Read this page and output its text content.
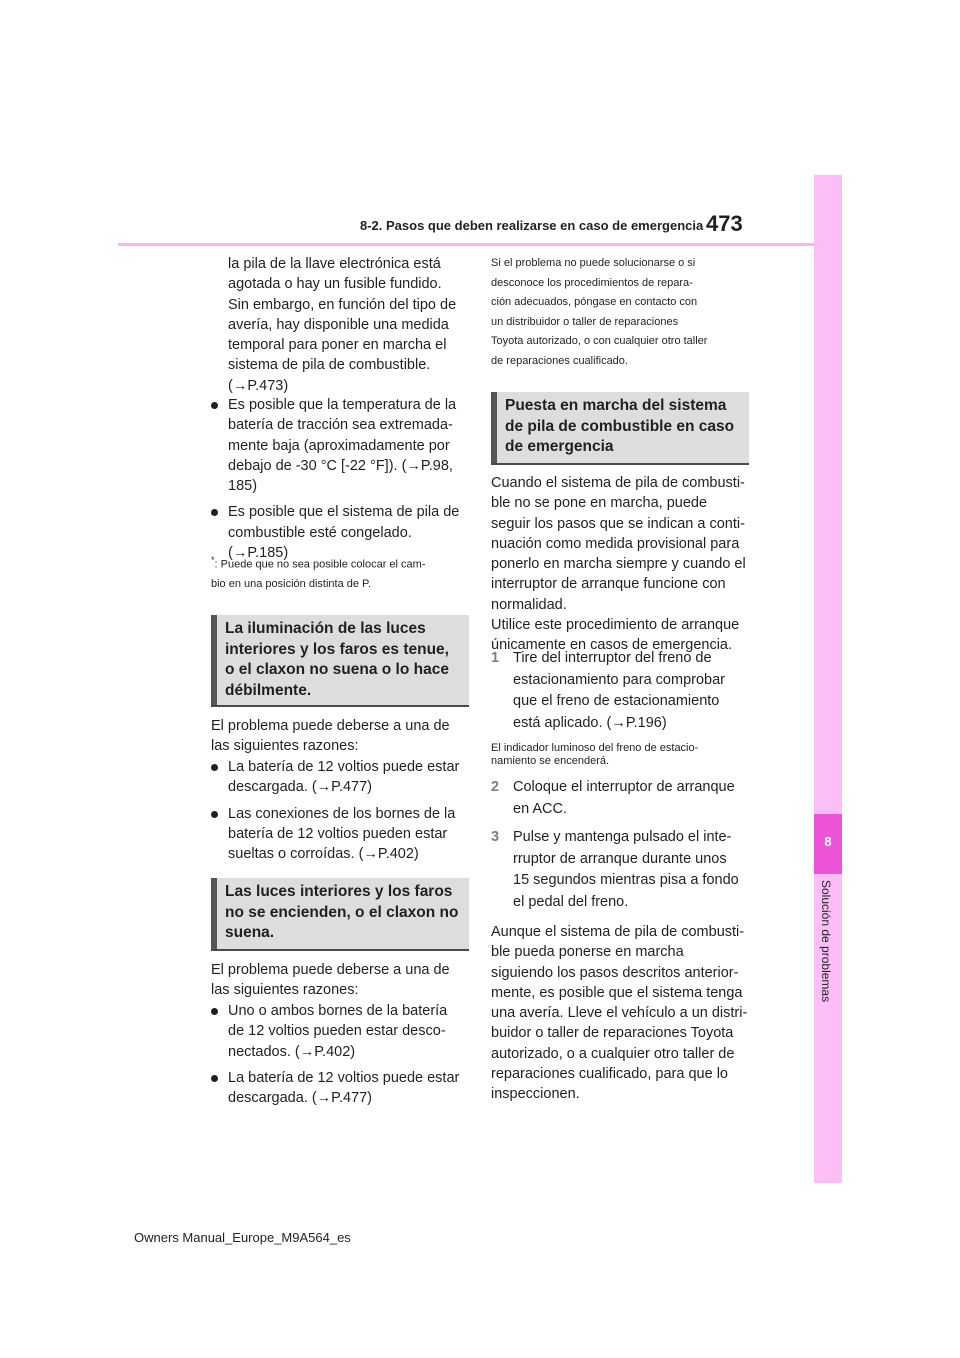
8-2. Pasos que deben realizarse en caso de emergencia 473
8
Solución de problemas
la pila de la llave electrónica está
agotada o hay un fusible fundido.
Sin embargo, en función del tipo de
avería, hay disponible una medida
temporal para poner en marcha el
sistema de pila de combustible.
(→P.473)
Es posible que la temperatura de la
batería de tracción sea extremada-
mente baja (aproximadamente por
debajo de -30 °C [-22 °F]). (→P.98,
185)
Es posible que el sistema de pila de
combustible esté congelado.
(→P.185)
*: Puede que no sea posible colocar el cam-
bio en una posición distinta de P.
La iluminación de las luces
interiores y los faros es tenue,
o el claxon no suena o lo hace
débilmente.
El problema puede deberse a una de
las siguientes razones:
La batería de 12 voltios puede estar
descargada. (→P.477)
Las conexiones de los bornes de la
batería de 12 voltios pueden estar
sueltas o corroídas. (→P.402)
Las luces interiores y los faros
no se encienden, o el claxon no
suena.
El problema puede deberse a una de
las siguientes razones:
Uno o ambos bornes de la batería
de 12 voltios pueden estar desco-
nectados. (→P.402)
La batería de 12 voltios puede estar
descargada. (→P.477)
Si el problema no puede solucionarse o si
desconoce los procedimientos de repara-
ción adecuados, póngase en contacto con
un distribuidor o taller de reparaciones
Toyota autorizado, o con cualquier otro taller
de reparaciones cualificado.
Puesta en marcha del sistema
de pila de combustible en caso
de emergencia
Cuando el sistema de pila de combusti-
ble no se pone en marcha, puede
seguir los pasos que se indican a conti-
nuación como medida provisional para
ponerlo en marcha siempre y cuando el
interruptor de arranque funcione con
normalidad.
Utilice este procedimiento de arranque
únicamente en casos de emergencia.
1 Tire del interruptor del freno de
estacionamiento para comprobar
que el freno de estacionamiento
está aplicado. (→P.196)
El indicador luminoso del freno de estacio-
namiento se encenderá.
2 Coloque el interruptor de arranque
en ACC.
3 Pulse y mantenga pulsado el inte-
rruptor de arranque durante unos
15 segundos mientras pisa a fondo
el pedal del freno.
Aunque el sistema de pila de combusti-
ble pueda ponerse en marcha
siguiendo los pasos descritos anterior-
mente, es posible que el sistema tenga
una avería. Lleve el vehículo a un distri-
buidor o taller de reparaciones Toyota
autorizado, o a cualquier otro taller de
reparaciones cualificado, para que lo
inspeccionen.
Owners Manual_Europe_M9A564_es
